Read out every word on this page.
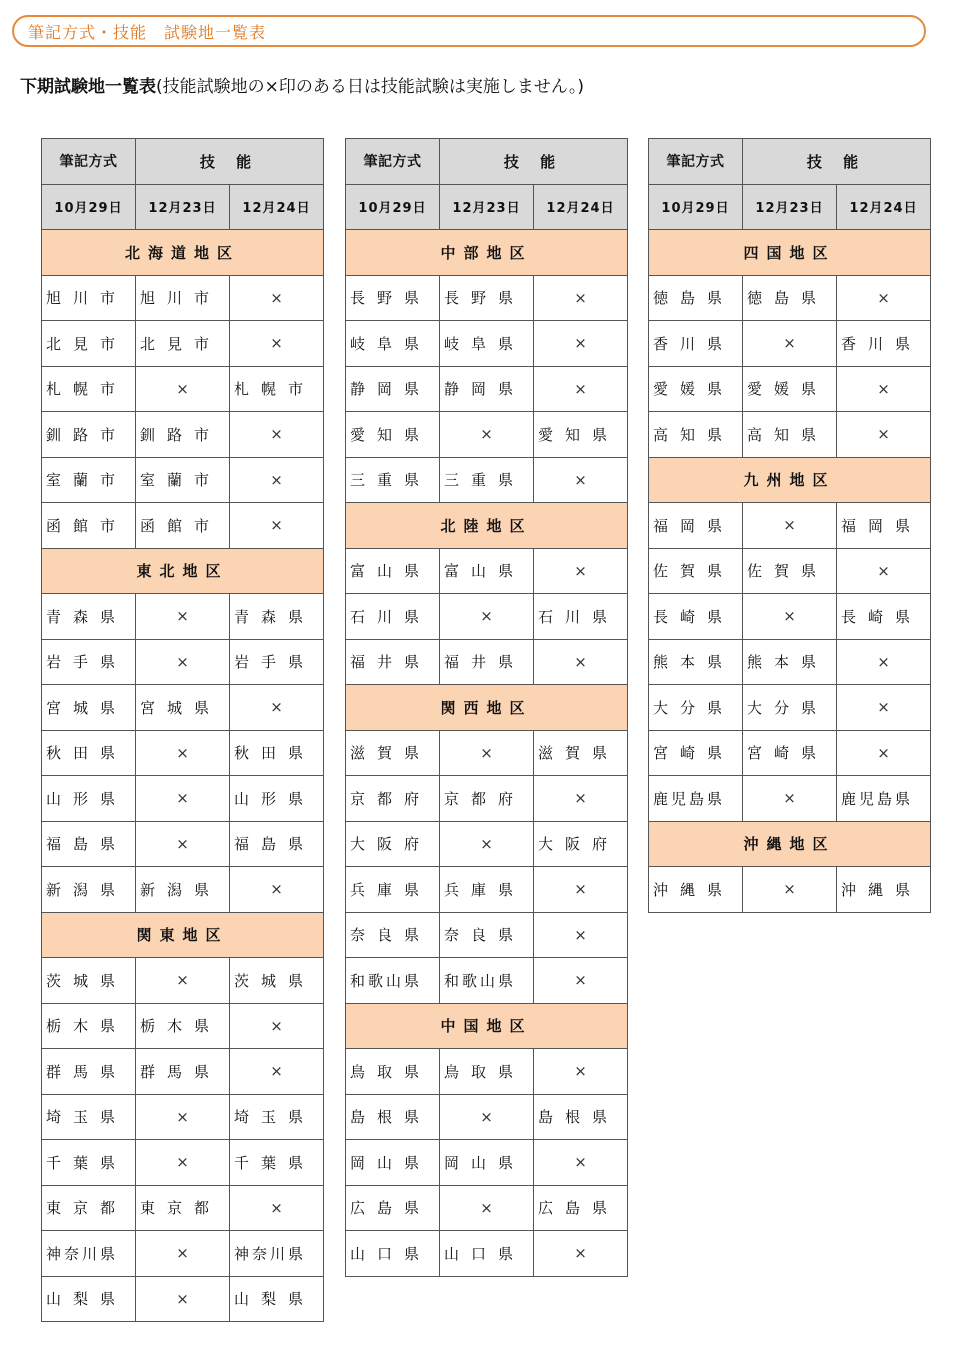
筆記方式・技能　試験地一覧表
下期試験地一覧表(技能試験地の×印のある日は技能試験は実施しません。)
筆記方式	技 能	
10月29日	12月23日	12月24日
北海道地区		
旭川市	旭川市	×
北見市	北見市	×
札幌市	×	札幌市
釧路市	釧路市	×
室蘭市	室蘭市	×
函館市	函館市	×
東北地区		
青森県	×	青森県
岩手県	×	岩手県
宮城県	宮城県	×
秋田県	×	秋田県
山形県	×	山形県
福島県	×	福島県
新潟県	新潟県	×
関東地区		
茨城県	×	茨城県
栃木県	栃木県	×
群馬県	群馬県	×
埼玉県	×	埼玉県
千葉県	×	千葉県
東京都	東京都	×
神奈川県	×	神奈川県
山梨県	×	山梨県
筆記方式	技 能	
10月29日	12月23日	12月24日
中部地区		
長野県	長野県	×
岐阜県	岐阜県	×
静岡県	静岡県	×
愛知県	×	愛知県
三重県	三重県	×
北陸地区		
富山県	富山県	×
石川県	×	石川県
福井県	福井県	×
関西地区		
滋賀県	×	滋賀県
京都府	京都府	×
大阪府	×	大阪府
兵庫県	兵庫県	×
奈良県	奈良県	×
和歌山県	和歌山県	×
中国地区		
鳥取県	鳥取県	×
島根県	×	島根県
岡山県	岡山県	×
広島県	×	広島県
山口県	山口県	×
筆記方式	技 能	
10月29日	12月23日	12月24日
四国地区		
徳島県	徳島県	×
香川県	×	香川県
愛媛県	愛媛県	×
高知県	高知県	×
九州地区		
福岡県	×	福岡県
佐賀県	佐賀県	×
長崎県	×	長崎県
熊本県	熊本県	×
大分県	大分県	×
宮崎県	宮崎県	×
鹿児島県	×	鹿児島県
沖縄地区		
沖縄県	×	沖縄県
